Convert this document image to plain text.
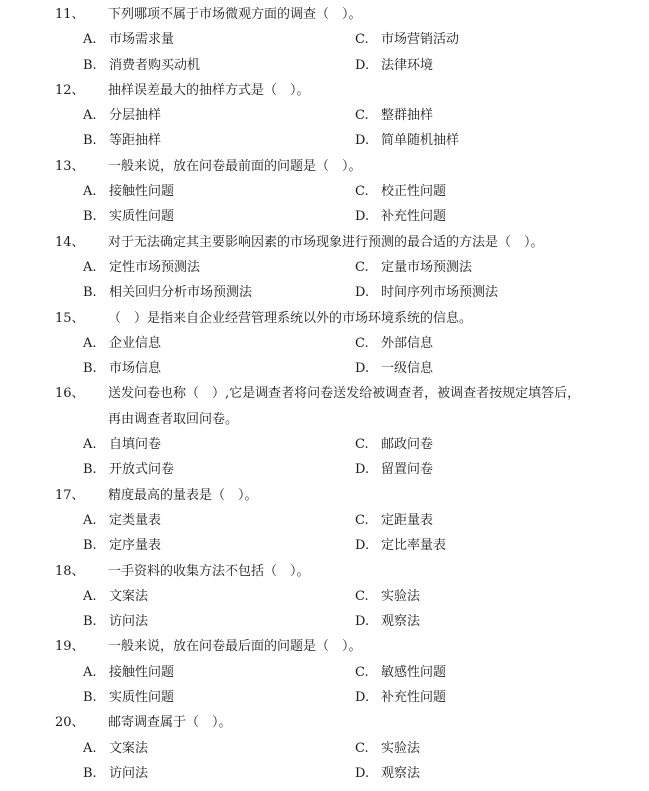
11、 下列哪项不属于市场微观方面的调查（　）。
A. 市场需求量	C. 市场营销活动
B. 消费者购买动机	D. 法律环境
12、 抽样误差最大的抽样方式是（　）。
A. 分层抽样	C. 整群抽样
B. 等距抽样	D. 简单随机抽样
13、 一般来说，放在问卷最前面的问题是（　）。
A. 接触性问题	C. 校正性问题
B. 实质性问题	D. 补充性问题
14、 对于无法确定其主要影响因素的市场现象进行预测的最合适的方法是（　）。
A. 定性市场预测法	C. 定量市场预测法
B. 相关回归分析市场预测法	D. 时间序列市场预测法
15、 （　）是指来自企业经营管理系统以外的市场环境系统的信息。
A. 企业信息	C. 外部信息
B. 市场信息	D. 一级信息
16、 送发问卷也称（　）,它是调查者将问卷送发给被调查者，被调查者按规定填答后，
再由调查者取回问卷。
A. 自填问卷	C. 邮政问卷
B. 开放式问卷	D. 留置问卷
17、 精度最高的量表是（　）。
A. 定类量表	C. 定距量表
B. 定序量表	D. 定比率量表
18、 一手资料的收集方法不包括（　）。
A. 文案法	C. 实验法
B. 访问法	D. 观察法
19、 一般来说，放在问卷最后面的问题是（　）。
A. 接触性问题	C. 敏感性问题
B. 实质性问题	D. 补充性问题
20、 邮寄调查属于（　）。
A. 文案法	C. 实验法
B. 访问法	D. 观察法
